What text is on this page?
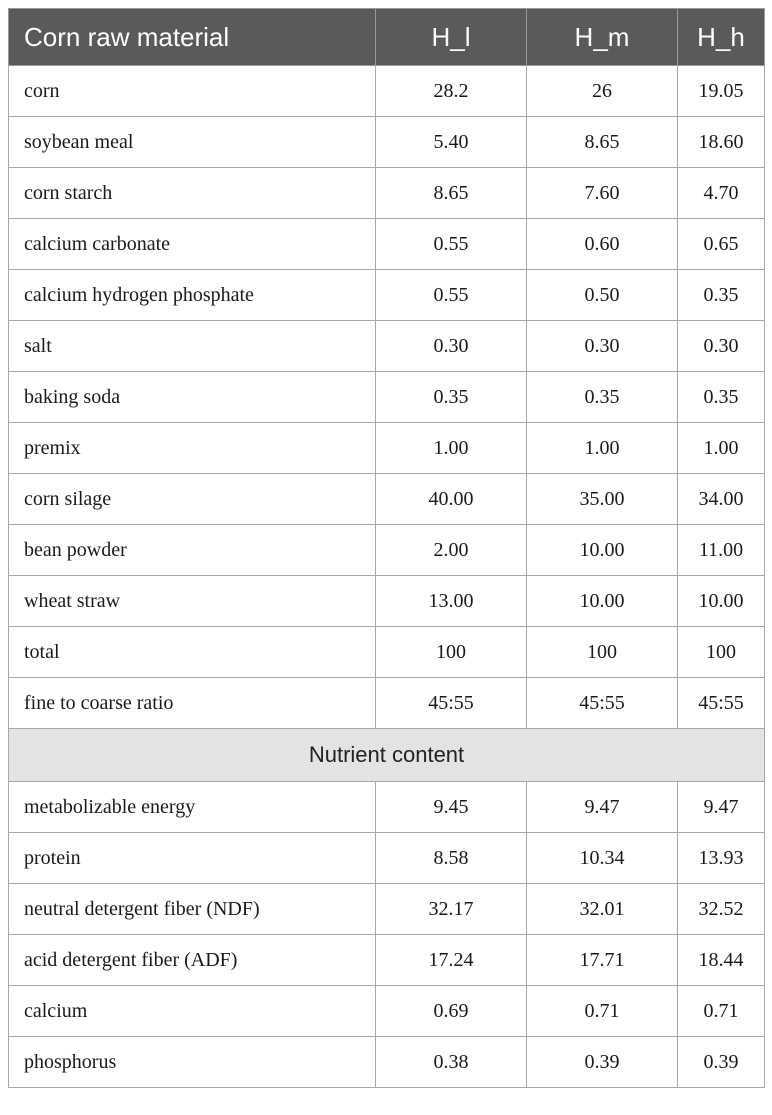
Corn raw material	H_l	H_m	H_h
corn	28.2	26	19.05
soybean meal	5.40	8.65	18.60
corn starch	8.65	7.60	4.70
calcium carbonate	0.55	0.60	0.65
calcium hydrogen phosphate	0.55	0.50	0.35
salt	0.30	0.30	0.30
baking soda	0.35	0.35	0.35
premix	1.00	1.00	1.00
corn silage	40.00	35.00	34.00
bean powder	2.00	10.00	11.00
wheat straw	13.00	10.00	10.00
total	100	100	100
fine to coarse ratio	45:55	45:55	45:55
Nutrient content			
metabolizable energy	9.45	9.47	9.47
protein	8.58	10.34	13.93
neutral detergent fiber (NDF)	32.17	32.01	32.52
acid detergent fiber (ADF)	17.24	17.71	18.44
calcium	0.69	0.71	0.71
phosphorus	0.38	0.39	0.39
